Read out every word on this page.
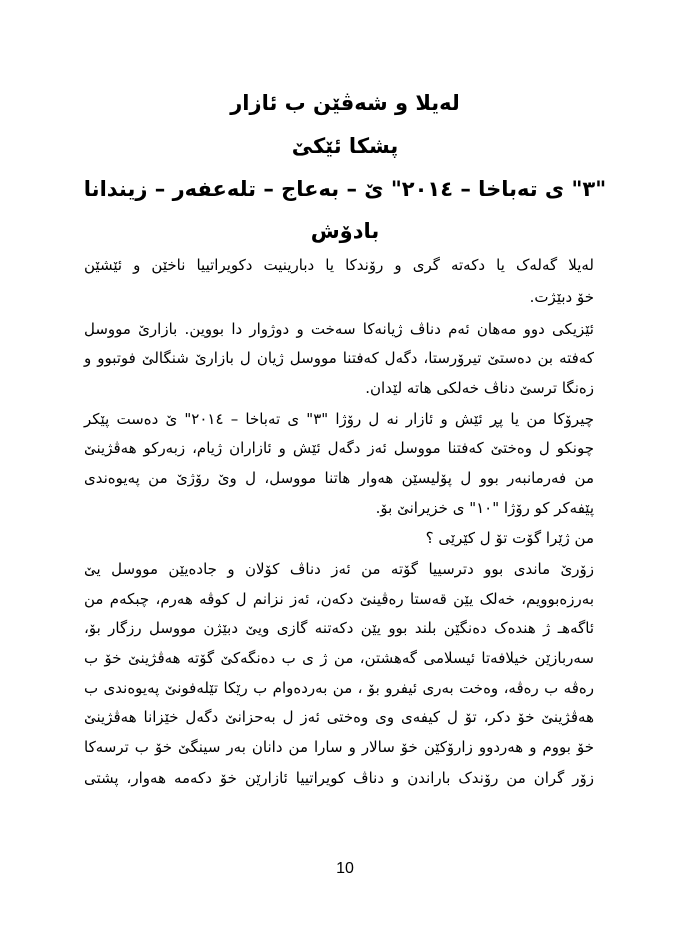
لەیلا و شەڤێن ب ئازار
پشکا ئێکێ
"٣" ی تەباخا – ٢٠١٤" ێ – بەعاج – تلەعفەر – زیندانا
بادۆش
لەیلا گەلەک یا دکەتە گری و رۆندکا یا دبارینیت دکویراتییا ناخێن و ئێشێن
خۆ دبێژت.
ئێزیکی دوو مەهان ئەم دناڤ ژیانەکا سەخت و دوژوار دا بووین. بازارێ مووسل
کەفتە بن دەستێ تیرۆرستا، دگەل کەفتنا مووسل ژیان ل بازارێ شنگالێ فوتبوو و
زەنگا ترسێ دناڤ خەلکی هاتە لێدان.
چیرۆکا من یا پڕ ئێش و ئازار نە ل رۆژا "٣" ی تەباخا – ٢٠١٤" ێ دەست پێکر
چونکو ل وەختێ کەفتنا مووسل ئەز دگەل ئێش و ئازاران ژیام، زبەرکو هەڤژینێ
من فەرمانبەر بوو ل پۆلیسێن هەوار هاتنا مووسل، ل وێ رۆژێ من پەیوەندی
پێفەکر کو رۆژا "١٠" ی خزیرانێ بۆ.
من ژێرا گۆت تۆ ل کێرێی ؟
زۆرێ ماندی بوو دترسییا گۆتە من ئەز دناڤ کۆلان و جادەیێن مووسل یێ
بەرزەبوویم، خەلک یێن قەستا رەڤینێ دکەن، ئەز نزانم ل کوڤە هەرم، چبکەم من
ئاگەهـ ژ هندەک دەنگێن بلند بوو یێن دکەتنە گازی ویێ دبێژن مووسل رزگار بۆ،
سەربازێن خیلافەتا ئیسلامی گەهشتن، من ژ ی ب دەنگەکێ گۆتە هەڤژینێ خۆ ب
رەڤە ب رەڤە، وەخت بەری ئیفرو بۆ ، من بەردەوام ب رێکا تێلەفونێ پەیوەندی ب
هەڤژینێ خۆ دکر، تۆ ل کیفەی وی وەختی ئەز ل بەحزانێ دگەل خێزانا هەڤژینێ
خۆ بووم و هەردوو زارۆکێن خۆ سالار و سارا من دانان بەر سینگێ خۆ ب ترسەکا
زۆر گران من رۆندک باراندن و دناڤ کویراتییا ئازارێن خۆ دکەمە هەوار، پشتی
10
